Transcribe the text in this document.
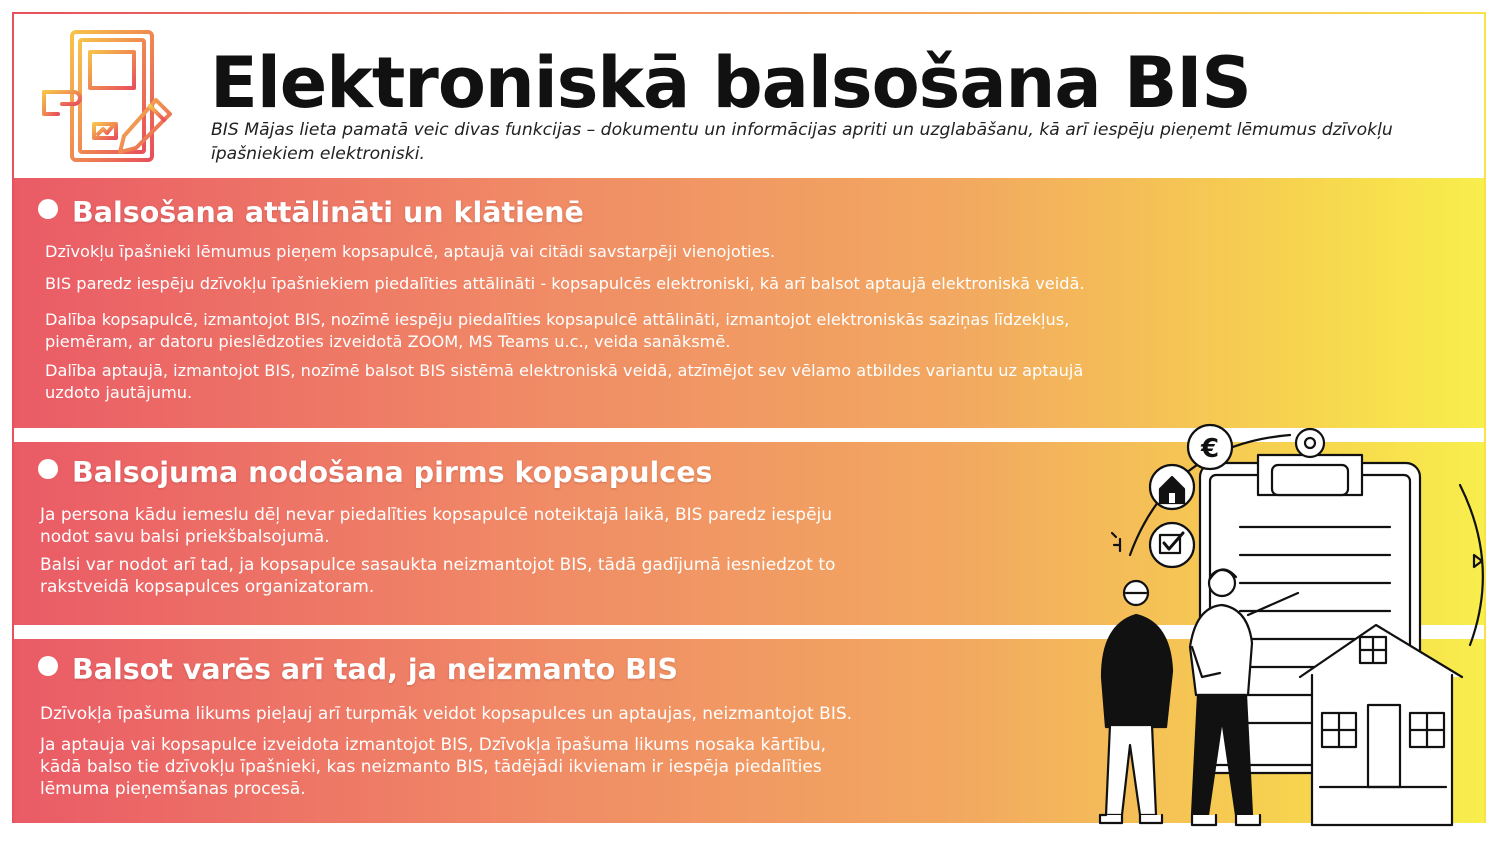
Elektroniskā balsošana BIS
BIS Mājas lieta pamatā veic divas funkcijas – dokumentu un informācijas apriti un uzglabāšanu, kā arī iespēju pieņemt lēmumus dzīvokļu īpašniekiem elektroniski.
Balsošana attālināti un klātienē
Dzīvokļu īpašnieki lēmumus pieņem kopsapulcē, aptaujā vai citādi savstarpēji vienojoties.
BIS paredz iespēju dzīvokļu īpašniekiem piedalīties attālināti - kopsapulcēs elektroniski, kā arī balsot aptaujā elektroniskā veidā.
Dalība kopsapulcē, izmantojot BIS, nozīmē iespēju piedalīties kopsapulcē attālināti, izmantojot elektroniskās saziņas līdzekļus,
piemēram, ar datoru pieslēdzoties izveidotā ZOOM, MS Teams u.c., veida sanāksmē.
Dalība aptaujā, izmantojot BIS, nozīmē balsot BIS sistēmā elektroniskā veidā, atzīmējot sev vēlamo atbildes variantu uz aptaujā
uzdoto jautājumu.
Balsojuma nodošana pirms kopsapulces
Ja persona kādu iemeslu dēļ nevar piedalīties kopsapulcē noteiktajā laikā, BIS paredz iespēju
nodot savu balsi priekšbalsojumā.
Balsi var nodot arī tad, ja kopsapulce sasaukta neizmantojot BIS, tādā gadījumā iesniedzot to
rakstveidā kopsapulces organizatoram.
Balsot varēs arī tad, ja neizmanto BIS
Dzīvokļa īpašuma likums pieļauj arī turpmāk veidot kopsapulces un aptaujas, neizmantojot BIS.
Ja aptauja vai kopsapulce izveidota izmantojot BIS, Dzīvokļa īpašuma likums nosaka kārtību,
kādā balso tie dzīvokļu īpašnieki, kas neizmanto BIS, tādējādi ikvienam ir iespēja piedalīties
lēmuma pieņemšanas procesā.
€
